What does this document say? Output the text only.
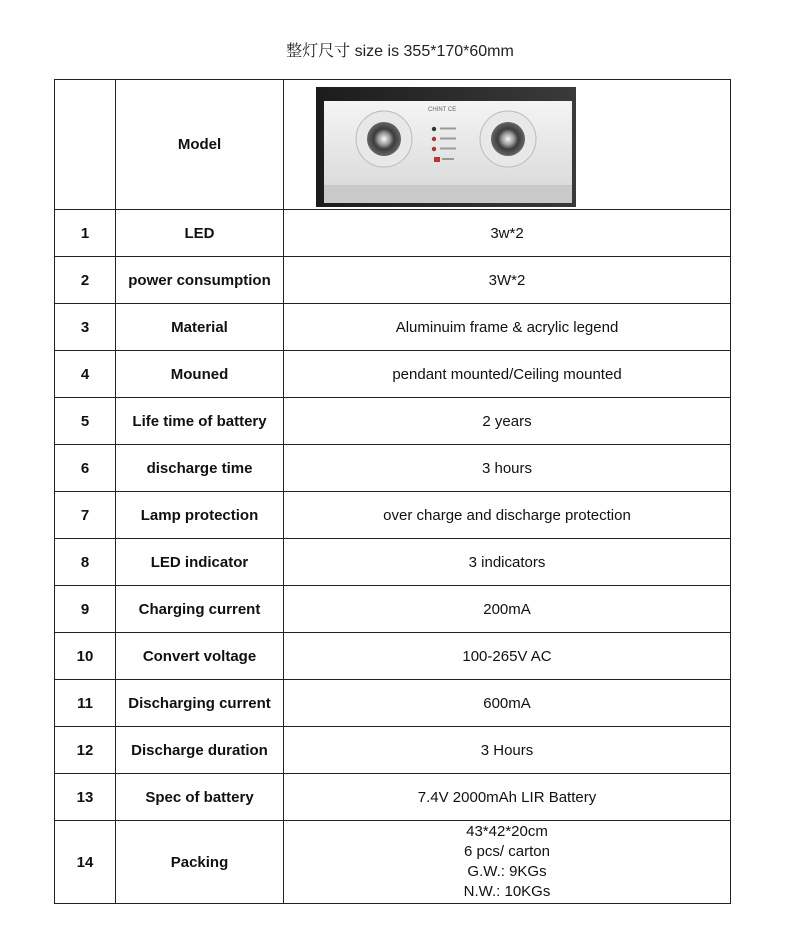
整灯尺寸 size is 355*170*60mm
	Model	CHINT CE

1	LED	3w*2
2	power consumption	3W*2
3	Material	Aluminuim frame & acrylic legend
4	Mouned	pendant mounted/Ceiling mounted
5	Life time of battery	2 years
6	discharge time	3 hours
7	Lamp protection	over charge and discharge protection
8	LED indicator	3 indicators
9	Charging current	200mA
10	Convert voltage	100-265V AC
11	Discharging current	600mA
12	Discharge duration	3 Hours
13	Spec of battery	7.4V 2000mAh LIR Battery
14	Packing	43*42*20cm
6 pcs/ carton
G.W.: 9KGs
N.W.: 10KGs
